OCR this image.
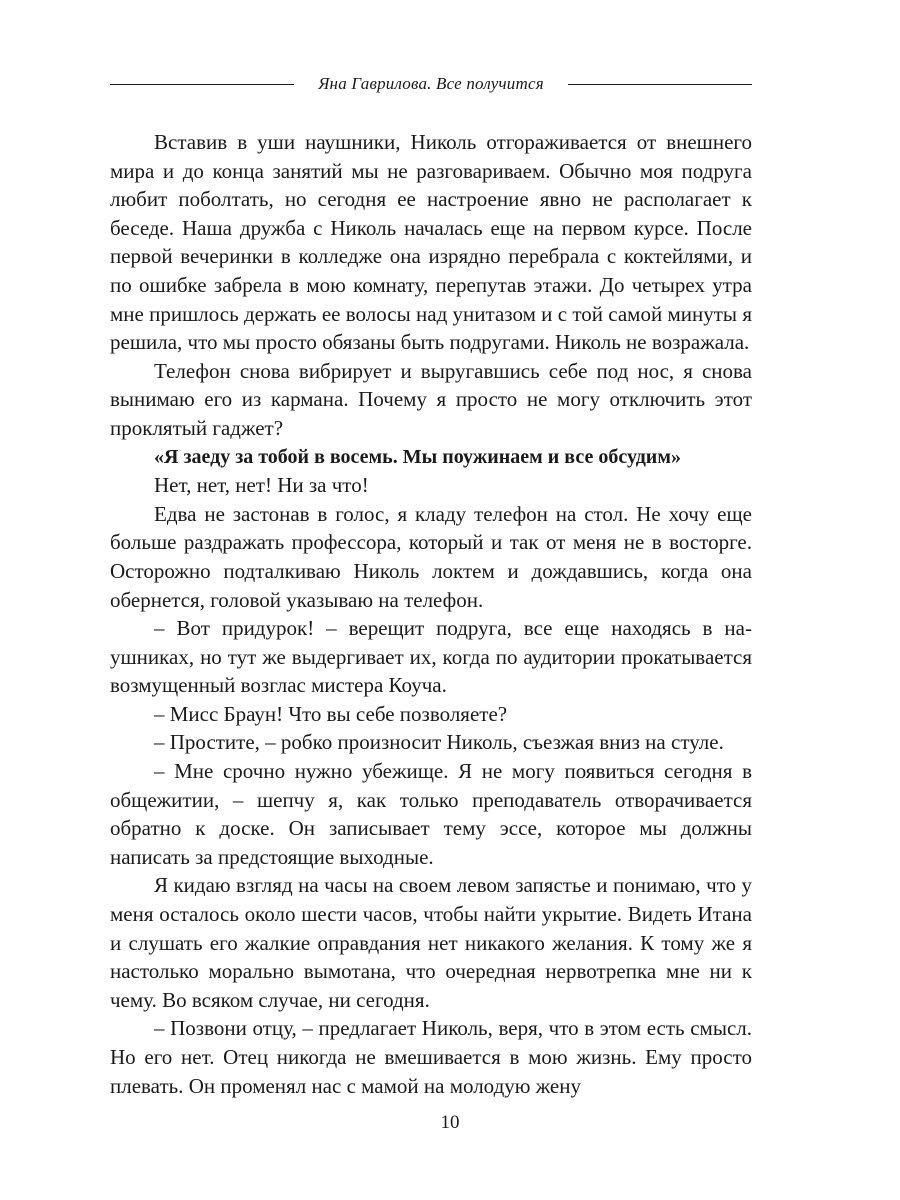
Яна Гаврилова. Все получится

Вставив в уши наушники, Николь отгораживается от внешнего мира и до конца занятий мы не разговариваем. Обычно моя подруга любит поболтать, но сегодня ее настроение явно не располагает к беседе. Наша дружба с Николь началась еще на первом курсе. После первой вечеринки в колледже она изрядно перебрала с коктейлями, и по ошибке забрела в мою комнату, перепутав этажи. До четырех утра мне пришлось держать ее волосы над унитазом и с той самой минуты я решила, что мы просто обязаны быть подругами. Николь не возражала.

Телефон снова вибрирует и выругавшись себе под нос, я снова вынимаю его из кармана. Почему я просто не могу отключить этот проклятый гаджет?

«Я заеду за тобой в восемь. Мы поужинаем и все обсудим»

Нет, нет, нет! Ни за что!

Едва не застонав в голос, я кладу телефон на стол. Не хочу еще больше раздражать профессора, который и так от меня не в восторге. Осторожно подталкиваю Николь локтем и дождавшись, когда она обернется, головой указываю на телефон.

– Вот придурок! – верещит подруга, все еще находясь в наушниках, но тут же выдергивает их, когда по аудитории прокатывается возмущенный возглас мистера Коуча.

– Мисс Браун! Что вы себе позволяете?

– Простите, – робко произносит Николь, съезжая вниз на стуле.

– Мне срочно нужно убежище. Я не могу появиться сегодня в общежитии, – шепчу я, как только преподаватель отворачивается обратно к доске. Он записывает тему эссе, которое мы должны написать за предстоящие выходные.

Я кидаю взгляд на часы на своем левом запястье и понимаю, что у меня осталось около шести часов, чтобы найти укрытие. Видеть Итана и слушать его жалкие оправдания нет никакого желания. К тому же я настолько морально вымотана, что очередная нервотрепка мне ни к чему. Во всяком случае, ни сегодня.

– Позвони отцу, – предлагает Николь, веря, что в этом есть смысл. Но его нет. Отец никогда не вмешивается в мою жизнь. Ему просто плевать. Он променял нас с мамой на молодую жену

10
